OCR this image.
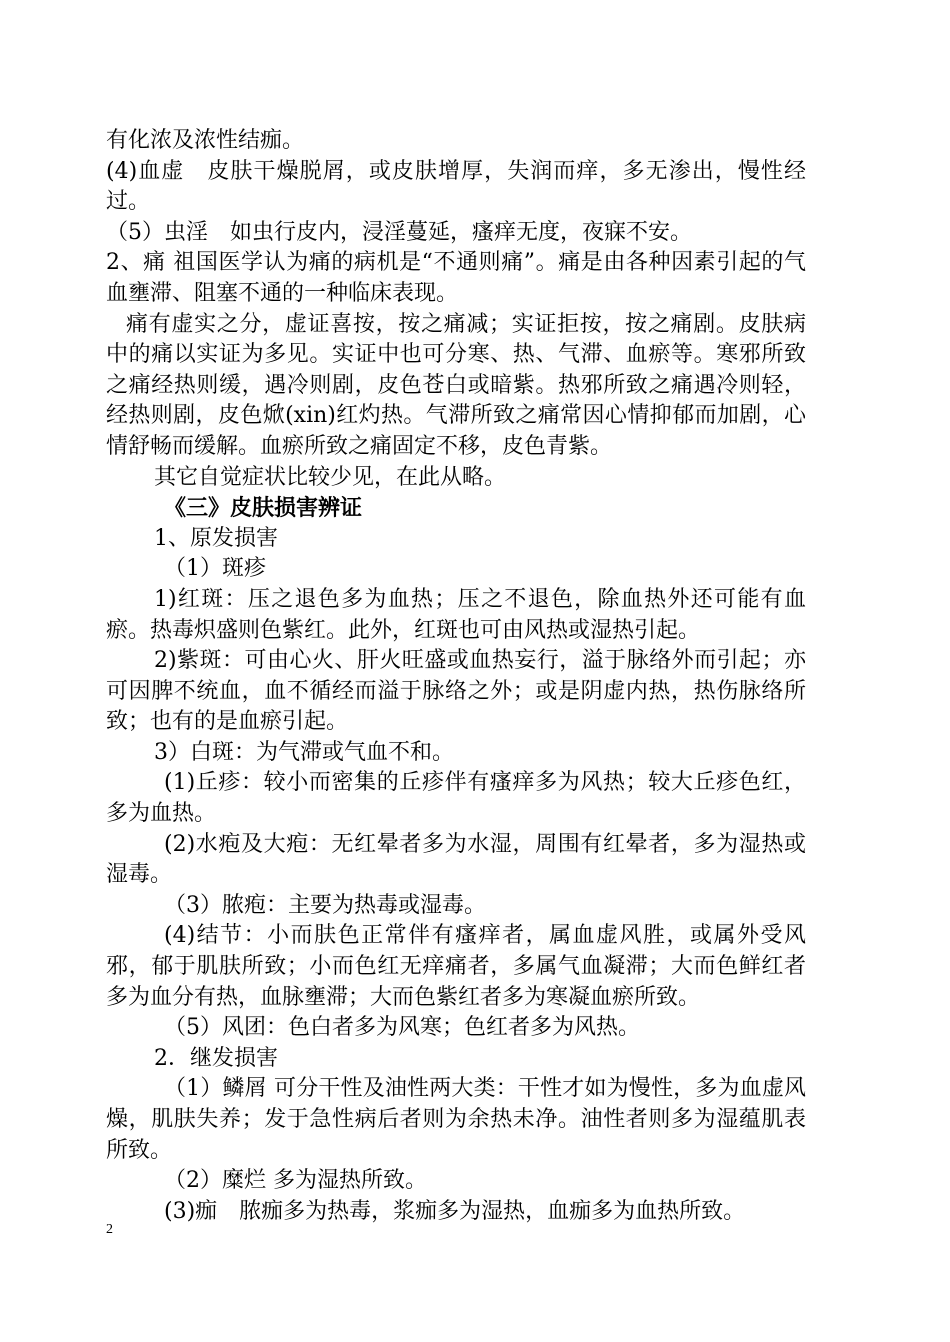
有化浓及浓性结痂。

(4)血虚　皮肤干燥脱屑，或皮肤增厚，失润而痒，多无渗出，慢性经过。

（5）虫淫　如虫行皮内，浸淫蔓延，瘙痒无度，夜寐不安。

2、痛 祖国医学认为痛的病机是“不通则痛”。痛是由各种因素引起的气血壅滞、阻塞不通的一种临床表现。

痛有虚实之分，虚证喜按，按之痛减；实证拒按，按之痛剧。皮肤病中的痛以实证为多见。实证中也可分寒、热、气滞、血瘀等。寒邪所致之痛经热则缓，遇冷则剧，皮色苍白或暗紫。热邪所致之痛遇冷则轻，经热则剧，皮色焮(xin)红灼热。气滞所致之痛常因心情抑郁而加剧，心情舒畅而缓解。血瘀所致之痛固定不移，皮色青紫。

其它自觉症状比较少见，在此从略。

《三》皮肤损害辨证

1、原发损害

（1）斑疹

1)红斑：压之退色多为血热；压之不退色，除血热外还可能有血瘀。热毒炽盛则色紫红。此外，红斑也可由风热或湿热引起。

2)紫斑：可由心火、肝火旺盛或血热妄行，溢于脉络外而引起；亦可因脾不统血，血不循经而溢于脉络之外；或是阴虚内热，热伤脉络所致；也有的是血瘀引起。

3）白斑：为气滞或气血不和。

(1)丘疹：较小而密集的丘疹伴有瘙痒多为风热；较大丘疹色红，多为血热。

(2)水疱及大疱：无红晕者多为水湿，周围有红晕者，多为湿热或湿毒。

（3）脓疱：主要为热毒或湿毒。

(4)结节：小而肤色正常伴有瘙痒者，属血虚风胜，或属外受风邪，郁于肌肤所致；小而色红无痒痛者，多属气血凝滞；大而色鲜红者多为血分有热，血脉壅滞；大而色紫红者多为寒凝血瘀所致。

（5）风团：色白者多为风寒；色红者多为风热。

2．继发损害

（1）鳞屑 可分干性及油性两大类：干性才如为慢性，多为血虚风燥，肌肤失养；发于急性病后者则为余热未净。油性者则多为湿蕴肌表所致。

（2）糜烂 多为湿热所致。

(3)痂　脓痂多为热毒，浆痂多为湿热，血痂多为血热所致。

2
